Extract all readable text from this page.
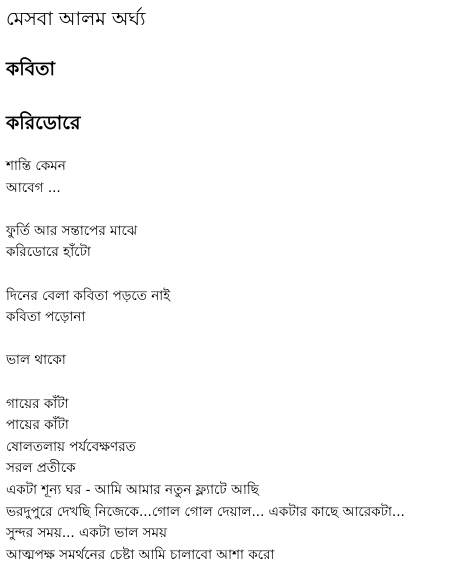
মেসবা আলম অর্ঘ্য
কবিতা
করিডোরে
শান্তি কেমন
আবেগ ...
ফুর্তি আর সন্তাপের মাঝে
করিডোরে হাঁটো
দিনের বেলা কবিতা পড়তে নাই
কবিতা পড়োনা
ভাল থাকো
গায়ের কাঁটা
পায়ের কাঁটা
ষোলতলায় পর্যবেক্ষণরত
সরল প্রতীকে
একটা শূন্য ঘর - আমি আমার নতুন ফ্ল্যাটে আছি
ভরদুপুরে দেখছি নিজেকে...গোল গোল দেয়াল... একটার কাছে আরেকটা...
সুন্দর সময়... একটা ভাল সময়
আত্মপক্ষ সমর্থনের চেষ্টা আমি চালাবো আশা করো
